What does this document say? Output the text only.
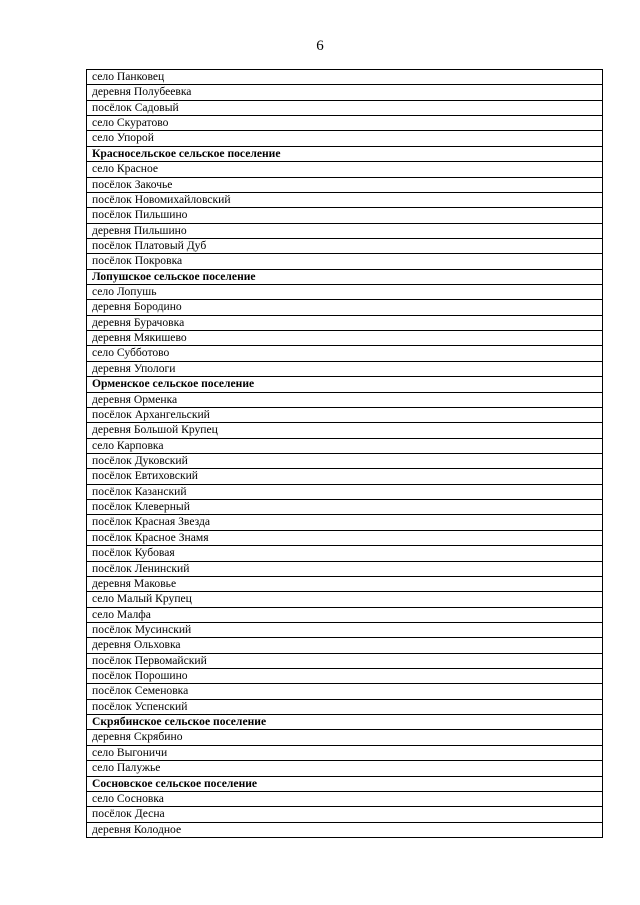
6
село Панковец
деревня Полубеевка
посёлок Садовый
село Скуратово
село Упорой
Красносельское сельское поселение
село Красное
посёлок Закочье
посёлок Новомихайловский
посёлок Пильшино
деревня Пильшино
посёлок Платовый Дуб
посёлок Покровка
Лопушское сельское поселение
село Лопушь
деревня Бородино
деревня Бурачовка
деревня Мякишево
село Субботово
деревня Упологи
Орменское сельское поселение
деревня Орменка
посёлок Архангельский
деревня Большой Крупец
село Карповка
посёлок Дуковский
посёлок Евтиховский
посёлок Казанский
посёлок Клеверный
посёлок Красная Звезда
посёлок Красное Знамя
посёлок Кубовая
посёлок Ленинский
деревня Маковье
село Малый Крупец
село Малфа
посёлок Мусинский
деревня Ольховка
посёлок Первомайский
посёлок Порошино
посёлок Семеновка
посёлок Успенский
Скрябинское сельское поселение
деревня Скрябино
село Выгоничи
село Палужье
Сосновское сельское поселение
село Сосновка
посёлок Десна
деревня Колодное
